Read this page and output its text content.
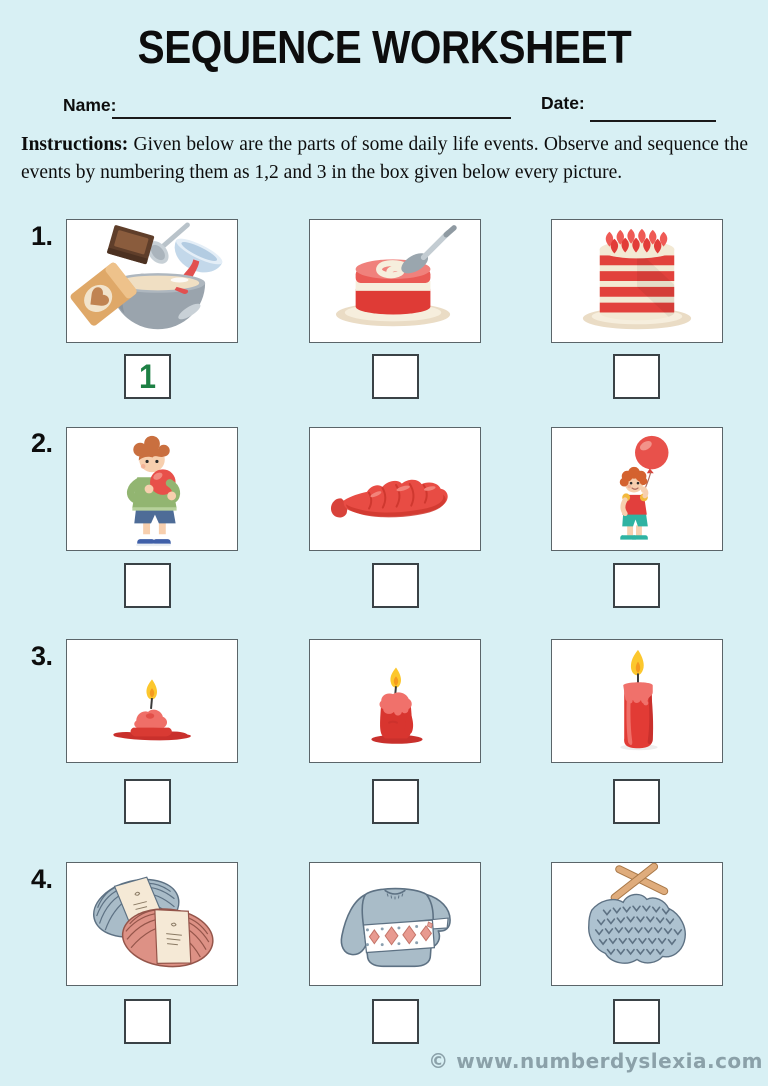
SEQUENCE WORKSHEET
Name:	Date:
Instructions: Given below are the parts of some daily life events. Observe and sequence the events by numbering them as 1,2 and 3 in the box given below every picture.
1.
2.
3.
4.
1
© www.numberdyslexia.com
